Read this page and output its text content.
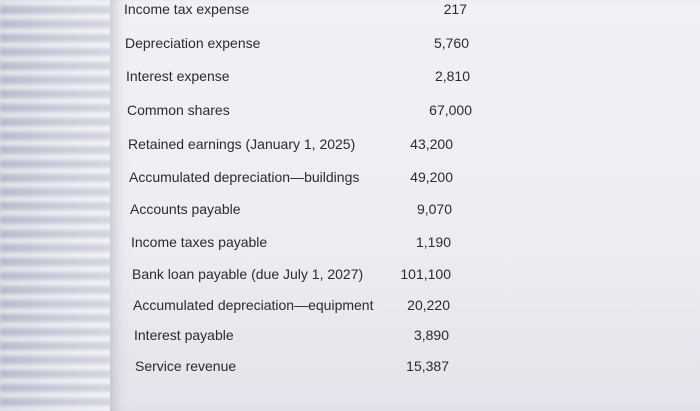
Income tax expense	217
Depreciation expense	5,760
Interest expense	2,810
Common shares	67,000
Retained earnings (January 1, 2025)	43,200
Accumulated depreciation—buildings	49,200
Accounts payable	9,070
Income taxes payable	1,190
Bank loan payable (due July 1, 2027)	101,100
Accumulated depreciation—equipment	20,220
Interest payable	3,890
Service revenue	15,387
